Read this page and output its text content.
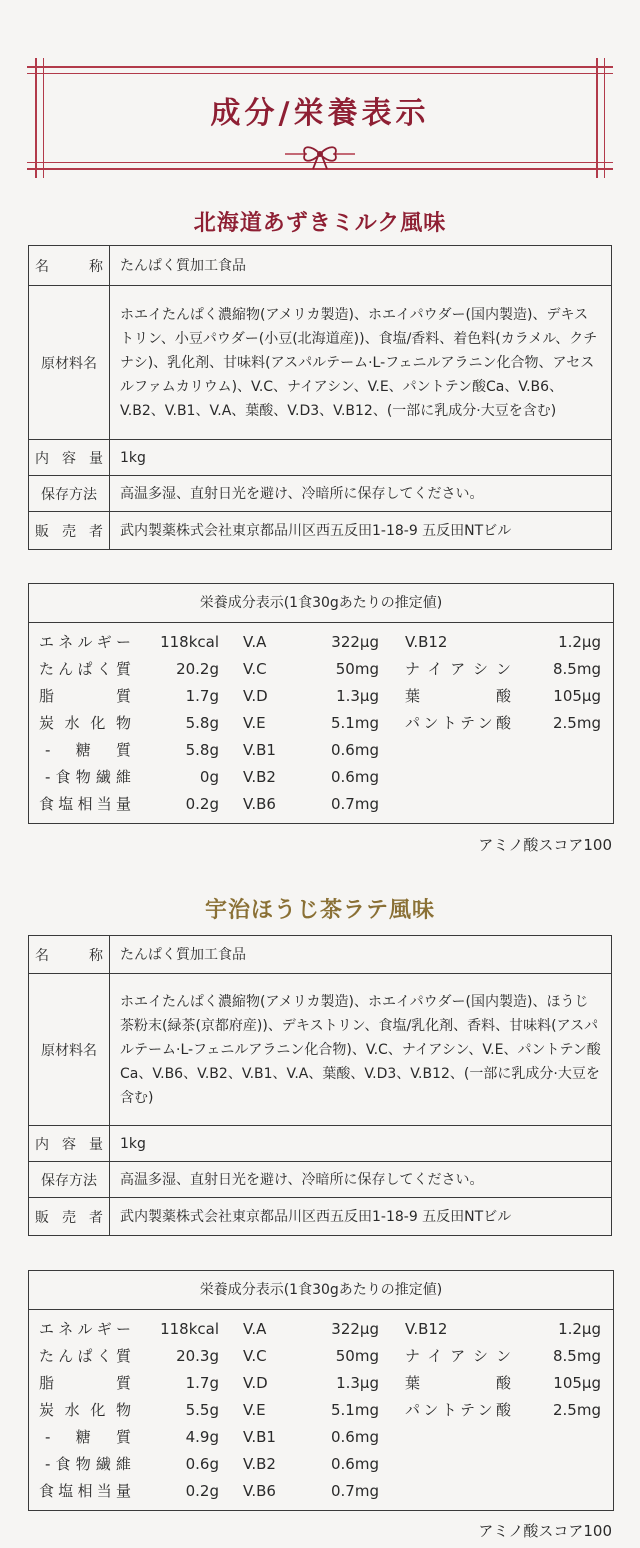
成分/栄養表示
北海道あずきミルク風味
名　称	たんぱく質加工食品
原材料名	ホエイたんぱく濃縮物(アメリカ製造)、ホエイパウダー(国内製造)、デキストリン、小豆パウダー(小豆(北海道産))、食塩/香料、着色料(カラメル、クチナシ)、乳化剤、甘味料(アスパルテーム·L-フェニルアラニン化合物、アセスルファムカリウム)、V.C、ナイアシン、V.E、パントテン酸Ca、V.B6、V.B2、V.B1、V.A、葉酸、V.D3、V.B12、(一部に乳成分·大豆を含む)
内容量	1kg
保存方法	高温多湿、直射日光を避け、冷暗所に保存してください。
販売者	武内製薬株式会社東京都品川区西五反田1-18-9 五反田NTビル
栄養成分表示(1食30gあたりの推定値)
エネルギー	118kcal V.A	322μg V.B12	1.2μg
たんぱく質	20.2g V.C	50mg ナイアシン	8.5mg
脂質	1.7g V.D	1.3μg 葉酸	105μg
炭水化物	5.8g V.E	5.1mg パントテン酸	2.5mg
-糖質	5.8g V.B1	0.6mg
-食物繊維	0g V.B2	0.6mg
食塩相当量	0.2g V.B6	0.7mg
アミノ酸スコア100
宇治ほうじ茶ラテ風味
名　称	たんぱく質加工食品
原材料名	ホエイたんぱく濃縮物(アメリカ製造)、ホエイパウダー(国内製造)、ほうじ茶粉末(緑茶(京都府産))、デキストリン、食塩/乳化剤、香料、甘味料(アスパルテーム·L-フェニルアラニン化合物)、V.C、ナイアシン、V.E、パントテン酸Ca、V.B6、V.B2、V.B1、V.A、葉酸、V.D3、V.B12、(一部に乳成分·大豆を含む)
内容量	1kg
保存方法	高温多湿、直射日光を避け、冷暗所に保存してください。
販売者	武内製薬株式会社東京都品川区西五反田1-18-9 五反田NTビル
栄養成分表示(1食30gあたりの推定値)
エネルギー	118kcal V.A	322μg V.B12	1.2μg
たんぱく質	20.3g V.C	50mg ナイアシン	8.5mg
脂質	1.7g V.D	1.3μg 葉酸	105μg
炭水化物	5.5g V.E	5.1mg パントテン酸	2.5mg
-糖質	4.9g V.B1	0.6mg
-食物繊維	0.6g V.B2	0.6mg
食塩相当量	0.2g V.B6	0.7mg
アミノ酸スコア100
